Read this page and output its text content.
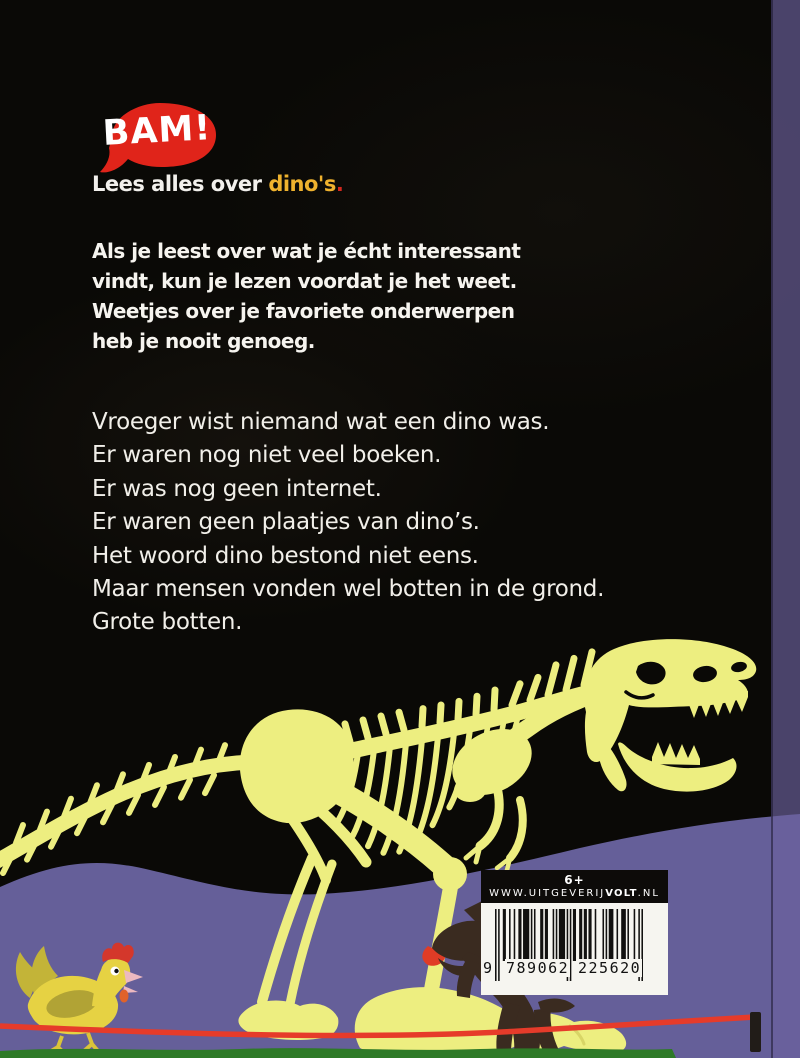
BAM!
Lees alles over dino's.
Als je leest over wat je écht interessant
vindt, kun je lezen voordat je het weet.
Weetjes over je favoriete onderwerpen
heb je nooit genoeg.
Vroeger wist niemand wat een dino was.
Er waren nog niet veel boeken.
Er was nog geen internet.
Er waren geen plaatjes van dino’s.
Het woord dino bestond niet eens.
Maar mensen vonden wel botten in de grond.
Grote botten.
6+
WWW.UITGEVERIJVOLT.NL
9 789062 225620
